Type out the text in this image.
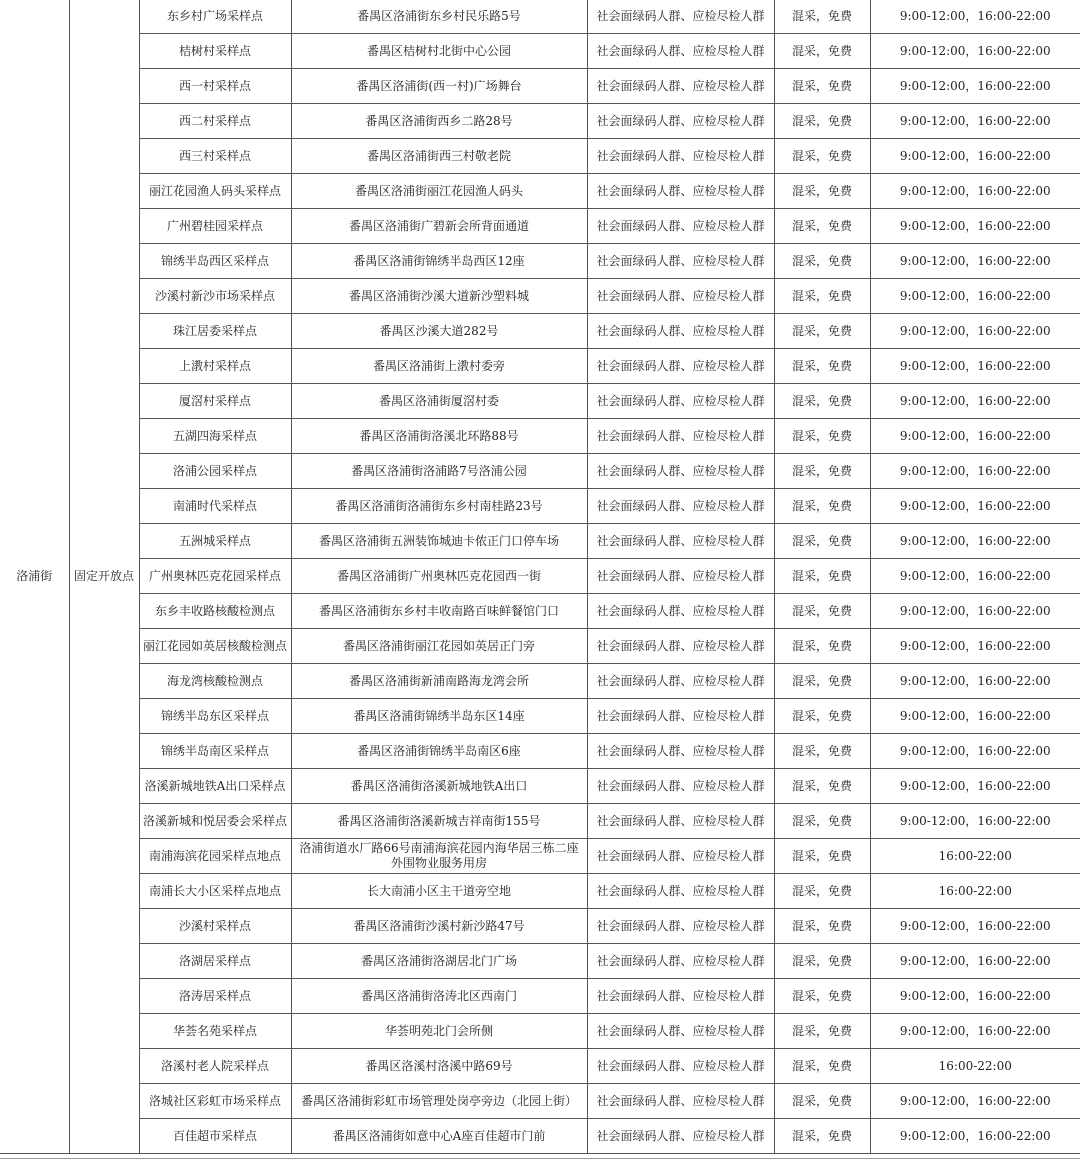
洛浦街	固定开放点	东乡村广场采样点	番禺区洛浦街东乡村民乐路5号	社会面绿码人群、应检尽检人群	混采，免费	9:00-12:00，16:00-22:00
		桔树村采样点	番禺区桔树村北街中心公园	社会面绿码人群、应检尽检人群	混采，免费	9:00-12:00，16:00-22:00
		西一村采样点	番禺区洛浦街(西一村)广场舞台	社会面绿码人群、应检尽检人群	混采，免费	9:00-12:00，16:00-22:00
		西二村采样点	番禺区洛浦街西乡二路28号	社会面绿码人群、应检尽检人群	混采，免费	9:00-12:00，16:00-22:00
		西三村采样点	番禺区洛浦街西三村敬老院	社会面绿码人群、应检尽检人群	混采，免费	9:00-12:00，16:00-22:00
		丽江花园渔人码头采样点	番禺区洛浦街丽江花园渔人码头	社会面绿码人群、应检尽检人群	混采，免费	9:00-12:00，16:00-22:00
		广州碧桂园采样点	番禺区洛浦街广碧新会所背面通道	社会面绿码人群、应检尽检人群	混采，免费	9:00-12:00，16:00-22:00
		锦绣半岛西区采样点	番禺区洛浦街锦绣半岛西区12座	社会面绿码人群、应检尽检人群	混采，免费	9:00-12:00，16:00-22:00
		沙溪村新沙市场采样点	番禺区洛浦街沙溪大道新沙塑料城	社会面绿码人群、应检尽检人群	混采，免费	9:00-12:00，16:00-22:00
		珠江居委采样点	番禺区沙溪大道282号	社会面绿码人群、应检尽检人群	混采，免费	9:00-12:00，16:00-22:00
		上漖村采样点	番禺区洛浦街上漖村委旁	社会面绿码人群、应检尽检人群	混采，免费	9:00-12:00，16:00-22:00
		厦滘村采样点	番禺区洛浦街厦滘村委	社会面绿码人群、应检尽检人群	混采，免费	9:00-12:00，16:00-22:00
		五湖四海采样点	番禺区洛浦街洛溪北环路88号	社会面绿码人群、应检尽检人群	混采，免费	9:00-12:00，16:00-22:00
		洛浦公园采样点	番禺区洛浦街洛浦路7号洛浦公园	社会面绿码人群、应检尽检人群	混采，免费	9:00-12:00，16:00-22:00
		南浦时代采样点	番禺区洛浦街洛浦街东乡村南桂路23号	社会面绿码人群、应检尽检人群	混采，免费	9:00-12:00，16:00-22:00
		五洲城采样点	番禺区洛浦街五洲装饰城迪卡侬正门口停车场	社会面绿码人群、应检尽检人群	混采，免费	9:00-12:00，16:00-22:00
		广州奥林匹克花园采样点	番禺区洛浦街广州奥林匹克花园西一街	社会面绿码人群、应检尽检人群	混采，免费	9:00-12:00，16:00-22:00
		东乡丰收路核酸检测点	番禺区洛浦街东乡村丰收南路百味鲜餐馆门口	社会面绿码人群、应检尽检人群	混采，免费	9:00-12:00，16:00-22:00
		丽江花园如英居核酸检测点	番禺区洛浦街丽江花园如英居正门旁	社会面绿码人群、应检尽检人群	混采，免费	9:00-12:00，16:00-22:00
		海龙湾核酸检测点	番禺区洛浦街新浦南路海龙湾会所	社会面绿码人群、应检尽检人群	混采，免费	9:00-12:00，16:00-22:00
		锦绣半岛东区采样点	番禺区洛浦街锦绣半岛东区14座	社会面绿码人群、应检尽检人群	混采，免费	9:00-12:00，16:00-22:00
		锦绣半岛南区采样点	番禺区洛浦街锦绣半岛南区6座	社会面绿码人群、应检尽检人群	混采，免费	9:00-12:00，16:00-22:00
		洛溪新城地铁A出口采样点	番禺区洛浦街洛溪新城地铁A出口	社会面绿码人群、应检尽检人群	混采，免费	9:00-12:00，16:00-22:00
		洛溪新城和悦居委会采样点	番禺区洛浦街洛溪新城吉祥南街155号	社会面绿码人群、应检尽检人群	混采，免费	9:00-12:00，16:00-22:00
		南浦海滨花园采样点地点	洛浦街道水厂路66号南浦海滨花园内海华居三栋二座外围物业服务用房	社会面绿码人群、应检尽检人群	混采，免费	16:00-22:00
		南浦长大小区采样点地点	长大南浦小区主干道旁空地	社会面绿码人群、应检尽检人群	混采，免费	16:00-22:00
		沙溪村采样点	番禺区洛浦街沙溪村新沙路47号	社会面绿码人群、应检尽检人群	混采，免费	9:00-12:00，16:00-22:00
		洛湖居采样点	番禺区洛浦街洛湖居北门广场	社会面绿码人群、应检尽检人群	混采，免费	9:00-12:00，16:00-22:00
		洛涛居采样点	番禺区洛浦街洛涛北区西南门	社会面绿码人群、应检尽检人群	混采，免费	9:00-12:00，16:00-22:00
		华荟名苑采样点	华荟明苑北门会所侧	社会面绿码人群、应检尽检人群	混采，免费	9:00-12:00，16:00-22:00
		洛溪村老人院采样点	番禺区洛溪村洛溪中路69号	社会面绿码人群、应检尽检人群	混采，免费	16:00-22:00
		洛城社区彩虹市场采样点	番禺区洛浦街彩虹市场管理处岗亭旁边（北园上街）	社会面绿码人群、应检尽检人群	混采，免费	9:00-12:00，16:00-22:00
		百佳超市采样点	番禺区洛浦街如意中心A座百佳超市门前	社会面绿码人群、应检尽检人群	混采，免费	9:00-12:00，16:00-22:00
